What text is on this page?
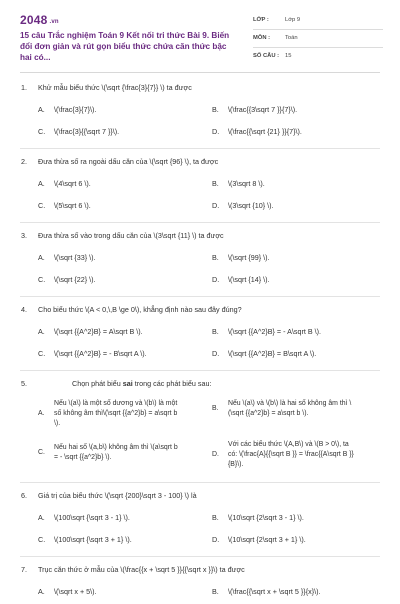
2048 .vn
15 câu Trắc nghiệm Toán 9 Kết nối tri thức Bài 9. Biến đổi đơn giản và rút gọn biểu thức chứa căn thức bậc hai có...
LỚP :	Lớp 9
MÔN :	Toán
SỐ CÂU : 15
1. Khử mẫu biểu thức \(\sqrt {\frac{3}{7}} \) ta được
A. \(\frac{3}{7}\).	B. \(\frac{{3\sqrt 7 }}{7}\).
C. \(\frac{3}{{\sqrt 7 }}\).	D. \(\frac{{\sqrt {21} }}{7}\).
2. Đưa thừa số ra ngoài dấu căn của \(\sqrt {96} \), ta được
A. \(4\sqrt 6 \).	B. \(3\sqrt 8 \).
C. \(5\sqrt 6 \).	D. \(3\sqrt {10} \).
3. Đưa thừa số vào trong dấu căn của \(3\sqrt {11} \) ta được
A. \(\sqrt {33} \).	B. \(\sqrt {99} \).
C. \(\sqrt {22} \).	D. \(\sqrt {14} \).
4. Cho biểu thức \(A < 0,\,B \ge 0\), khẳng định nào sau đây đúng?
A. \(\sqrt {{A^2}B} = A\sqrt B \).	B. \(\sqrt {{A^2}B} = - A\sqrt B \).
C. \(\sqrt {{A^2}B} = - B\sqrt A \).	D. \(\sqrt {{A^2}B} = B\sqrt A \).
5.	Chọn phát biểu sai trong các phát biểu sau:
A.
Nếu \(a\) là một số dương và \(b\) là một
số không âm thì\(\sqrt {{a^2}b} = a\sqrt b
\).
B.
Nếu \(a\) và \(b\) là hai số không âm thì \
(\sqrt {{a^2}b} = a\sqrt b \).
C.
Nếu hai số \(a,b\) không âm thì \(a\sqrt b
= - \sqrt {{a^2}b} \).	D.
Với các biểu thức \(A,B\) và \(B > 0\), ta
có: \(\frac{A}{{\sqrt B }} = \frac{{A\sqrt B }}
{B}\).
6. Giá trị của biểu thức \(\sqrt {200}\sqrt 3 - 100} \) là
A. \(100\sqrt {\sqrt 3 - 1} \).	B. \(10\sqrt {2\sqrt 3 - 1} \).
C. \(100\sqrt {\sqrt 3 + 1} \).	D. \(10\sqrt {2\sqrt 3 + 1} \).
7. Trục căn thức ở mẫu của \(\frac{{x + \sqrt 5 }}{{\sqrt x }}\) ta được
A. \(\sqrt x + 5\).	B. \(\frac{{\sqrt x + \sqrt 5 }}{x}\).
